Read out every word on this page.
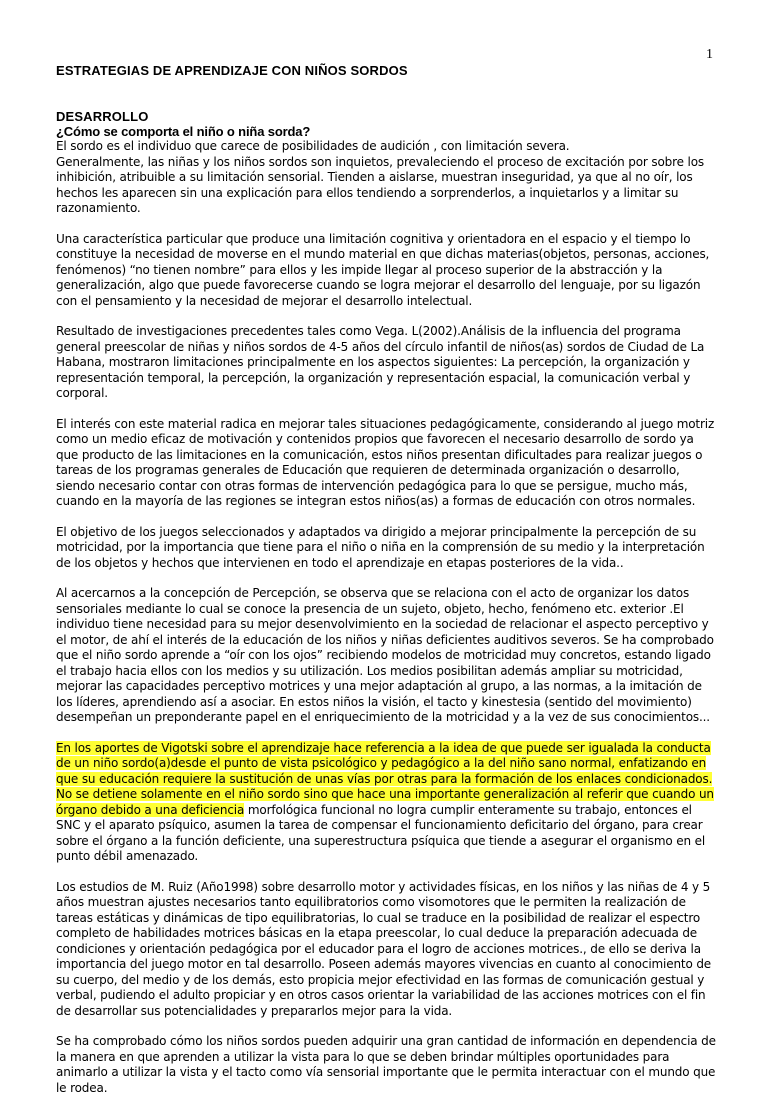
1

ESTRATEGIAS DE APRENDIZAJE CON NIÑOS SORDOS
DESARROLLO
¿Cómo se comporta el niño o niña sorda?

El sordo es el individuo que carece de posibilidades de audición , con limitación severa.

Generalmente, las niñas y los niños sordos son inquietos, prevaleciendo el proceso de excitación por sobre los inhibición, atribuible a su limitación sensorial. Tienden a aislarse, muestran inseguridad, ya que al no oír, los hechos les aparecen sin una explicación para ellos tendiendo a sorprenderlos, a inquietarlos y a limitar su razonamiento.

Una característica particular que produce una limitación cognitiva y orientadora en el espacio y el tiempo lo constituye la necesidad de moverse en el mundo material en que dichas materias(objetos, personas, acciones, fenómenos) “no tienen nombre” para ellos y les impide llegar al proceso superior de la abstracción y la generalización, algo que puede favorecerse cuando se logra mejorar el desarrollo del lenguaje, por su ligazón con el pensamiento y la necesidad de mejorar el desarrollo intelectual.

Resultado de investigaciones precedentes tales como Vega. L(2002).Análisis de la influencia del programa general preescolar de niñas y niños sordos de 4-5 años del círculo infantil de niños(as) sordos de Ciudad de La Habana, mostraron limitaciones principalmente en los aspectos siguientes: La percepción, la organización y representación temporal, la percepción, la organización y representación espacial, la comunicación verbal y corporal.

El interés con este material radica en mejorar tales situaciones pedagógicamente, considerando al juego motriz como un medio eficaz de motivación y contenidos propios que favorecen el necesario desarrollo de sordo ya que producto de las limitaciones en la comunicación, estos niños presentan dificultades para realizar juegos o tareas de los programas generales de Educación que requieren de determinada organización o desarrollo, siendo necesario contar con otras formas de intervención pedagógica para lo que se persigue, mucho más, cuando en la mayoría de las regiones se integran estos niños(as) a formas de educación con otros normales.

El objetivo de los juegos seleccionados y adaptados va dirigido a mejorar principalmente la percepción de su motricidad, por la importancia que tiene para el niño o niña en la comprensión de su medio y la interpretación de los objetos y hechos que intervienen en todo el aprendizaje en etapas posteriores de la vida..

Al acercarnos a la concepción de Percepción, se observa que se relaciona con el acto de organizar los datos sensoriales mediante lo cual se conoce la presencia de un sujeto, objeto, hecho, fenómeno etc. exterior .El individuo tiene necesidad para su mejor desenvolvimiento en la sociedad de relacionar el aspecto perceptivo y el motor, de ahí el interés de la educación de los niños y niñas deficientes auditivos severos. Se ha comprobado que el niño sordo aprende a “oír con los ojos” recibiendo modelos de motricidad muy concretos, estando ligado el trabajo hacia ellos con los medios y su utilización. Los medios posibilitan además ampliar su motricidad, mejorar las capacidades perceptivo motrices y una mejor adaptación al grupo, a las normas, a la imitación de los líderes, aprendiendo así a asociar. En estos niños la visión, el tacto y kinestesia (sentido del movimiento) desempeñan un preponderante papel en el enriquecimiento de la motricidad y a la vez de sus conocimientos...

En los aportes de Vigotski sobre el aprendizaje hace referencia a la idea de que puede ser igualada la conducta de un niño sordo(a)desde el punto de vista psicológico y pedagógico a la del niño sano normal, enfatizando en que su educación requiere la sustitución de unas vías por otras para la formación de los enlaces condicionados. No se detiene solamente en el niño sordo sino que hace una importante generalización al referir que cuando un órgano debido a una deficiencia morfológica funcional no logra cumplir enteramente su trabajo, entonces el SNC y el aparato psíquico, asumen la tarea de compensar el funcionamiento deficitario del órgano, para crear sobre el órgano a la función deficiente, una superestructura psíquica que tiende a asegurar el organismo en el punto débil amenazado.

Los estudios de M. Ruiz (Año1998) sobre desarrollo motor y actividades físicas, en los niños y las niñas de 4 y 5 años muestran ajustes necesarios tanto equilibratorios como visomotores que le permiten la realización de tareas estáticas y dinámicas de tipo equilibratorias, lo cual se traduce en la posibilidad de realizar el espectro completo de habilidades motrices básicas en la etapa preescolar, lo cual deduce la preparación adecuada de condiciones y orientación pedagógica por el educador para el logro de acciones motrices., de ello se deriva la importancia del juego motor en tal desarrollo. Poseen además mayores vivencias en cuanto al conocimiento de su cuerpo, del medio y de los demás, esto propicia mejor efectividad en las formas de comunicación gestual y verbal, pudiendo el adulto propiciar y en otros casos orientar la variabilidad de las acciones motrices con el fin de desarrollar sus potencialidades y prepararlos mejor para la vida.

Se ha comprobado cómo los niños sordos pueden adquirir una gran cantidad de información en dependencia de la manera en que aprenden a utilizar la vista para lo que se deben brindar múltiples oportunidades para animarlo a utilizar la vista y el tacto como vía sensorial importante que le permita interactuar con el mundo que le rodea.
